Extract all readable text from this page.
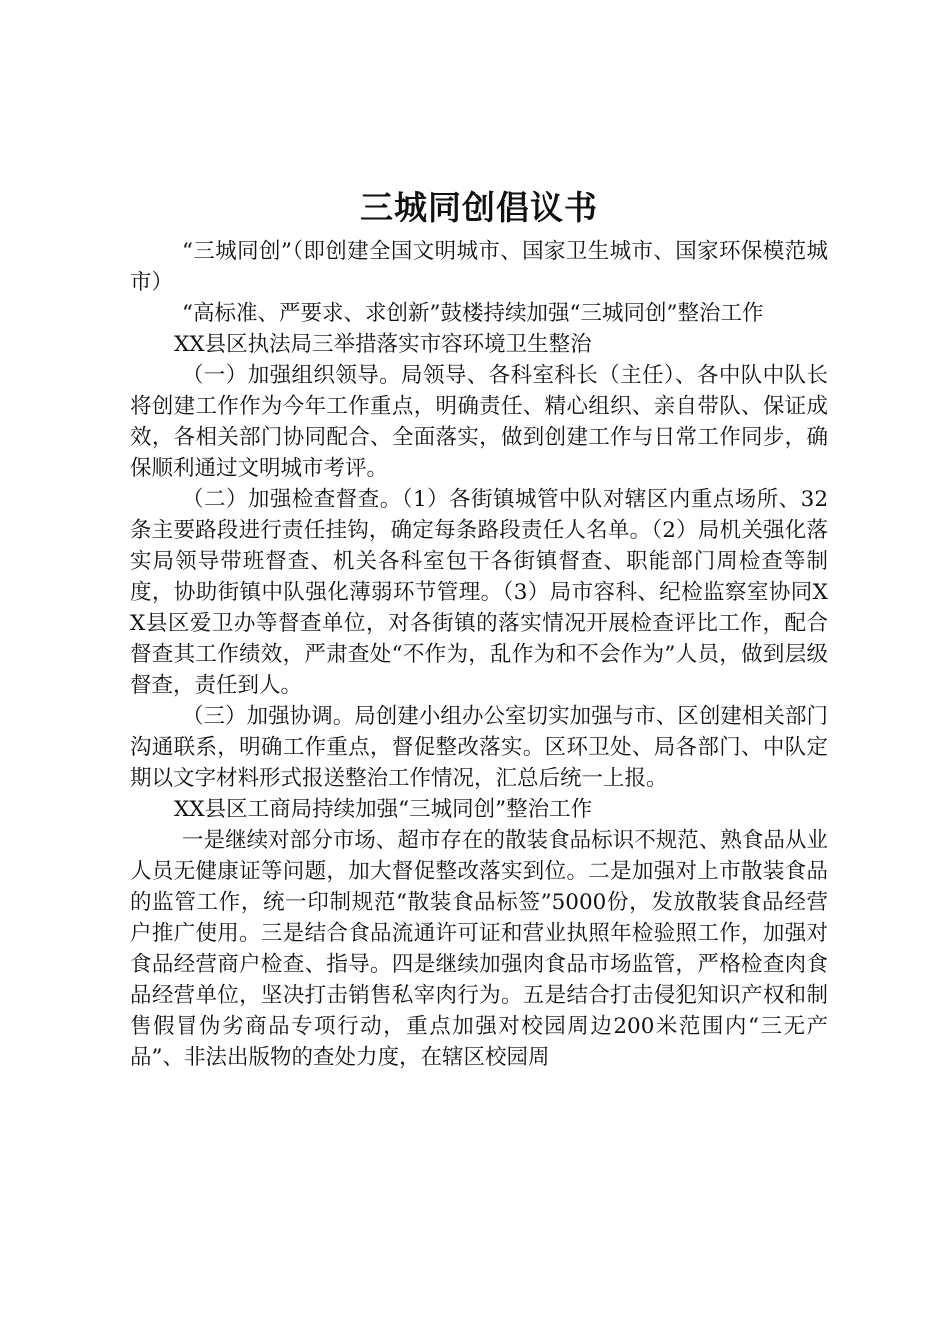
三城同创倡议书

“三城同创”（即创建全国文明城市、国家卫生城市、国家环保模范城市）

“高标准、严要求、求创新”鼓楼持续加强“三城同创”整治工作

XX县区执法局三举措落实市容环境卫生整治

（一）加强组织领导。局领导、各科室科长（主任）、各中队中队长将创建工作作为今年工作重点，明确责任、精心组织、亲自带队、保证成效，各相关部门协同配合、全面落实，做到创建工作与日常工作同步，确保顺利通过文明城市考评。

（二）加强检查督查。（1）各街镇城管中队对辖区内重点场所、32条主要路段进行责任挂钩，确定每条路段责任人名单。（2）局机关强化落实局领导带班督查、机关各科室包干各街镇督查、职能部门周检查等制度，协助街镇中队强化薄弱环节管理。（3）局市容科、纪检监察室协同XX县区爱卫办等督查单位，对各街镇的落实情况开展检查评比工作，配合督查其工作绩效，严肃查处“不作为，乱作为和不会作为”人员，做到层级督查，责任到人。

（三）加强协调。局创建小组办公室切实加强与市、区创建相关部门沟通联系，明确工作重点，督促整改落实。区环卫处、局各部门、中队定期以文字材料形式报送整治工作情况，汇总后统一上报。

XX县区工商局持续加强“三城同创”整治工作

一是继续对部分市场、超市存在的散装食品标识不规范、熟食品从业人员无健康证等问题，加大督促整改落实到位。二是加强对上市散装食品的监管工作，统一印制规范“散装食品标签”5000份，发放散装食品经营户推广使用。三是结合食品流通许可证和营业执照年检验照工作，加强对食品经营商户检查、指导。四是继续加强肉食品市场监管，严格检查肉食品经营单位，坚决打击销售私宰肉行为。五是结合打击侵犯知识产权和制售假冒伪劣商品专项行动，重点加强对校园周边200米范围内“三无产品”、非法出版物的查处力度，在辖区校园周
